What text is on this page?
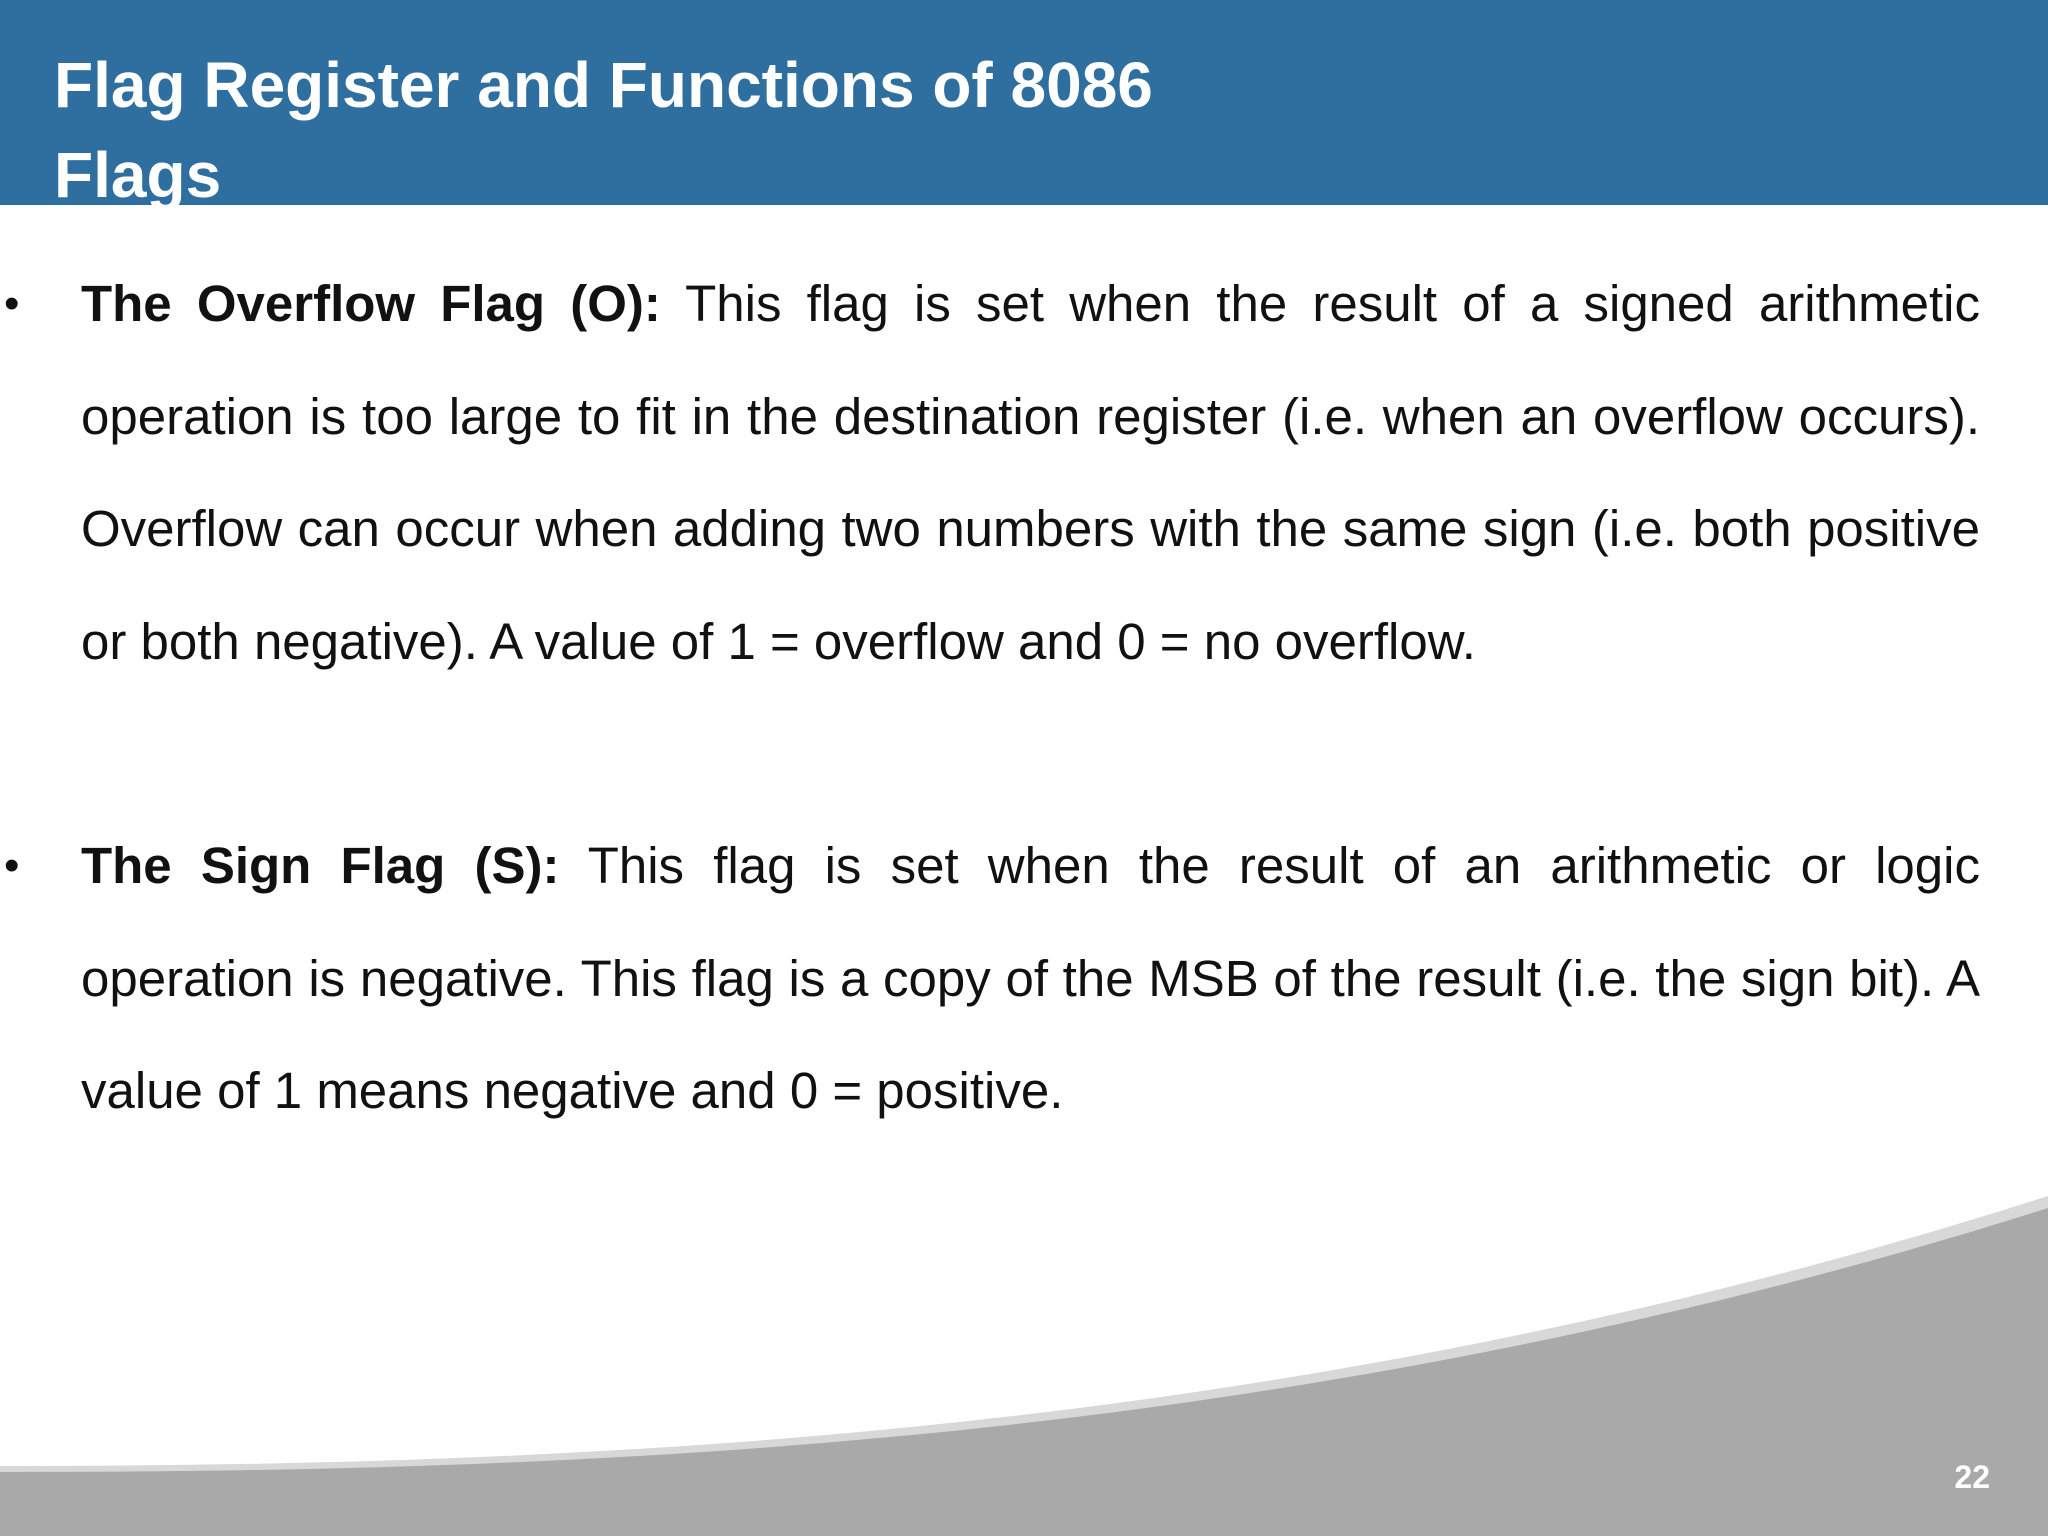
Flag Register and Functions of 8086
Flags
• The Overflow Flag (O): This flag is set when the result of a signed arithmetic operation is too large to fit in the destination register (i.e. when an overflow occurs). Overflow can occur when adding two numbers with the same sign (i.e. both positive or both negative). A value of 1 = overflow and 0 = no overflow.
• The Sign Flag (S): This flag is set when the result of an arithmetic or logic operation is negative. This flag is a copy of the MSB of the result (i.e. the sign bit). A value of 1 means negative and 0 = positive.
22
